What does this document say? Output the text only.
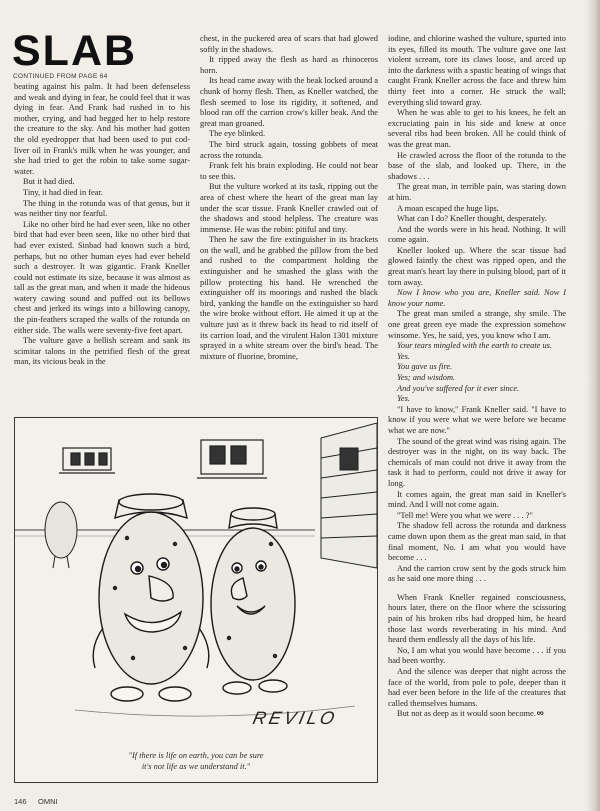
SLAB
CONTINUED FROM PAGE 64

beating against his palm. It had been defenseless and weak and dying in fear, he could feel that it was dying in fear. And Frank had rushed in to his mother, crying, and had begged her to help restore the creature to the sky. And his mother had gotten the old eyedropper that had been used to put cod-liver oil in Frank's milk when he was younger, and she had tried to get the robin to take some sugar-water.

But it had died.

Tiny, it had died in fear.

The thing in the rotunda was of that genus, but it was neither tiny nor fearful.

Like no other bird he had ever seen, like no other bird that had ever been seen, like no other bird that had ever existed. Sinbad had known such a bird, perhaps, but no other human eyes had ever beheld such a destroyer. It was gigantic. Frank Kneller could not estimate its size, because it was almost as tall as the great man, and when it made the hideous watery cawing sound and puffed out its bellows chest and jerked its wings into a billowing canopy, the pin-feathers scraped the walls of the rotunda on either side. The walls were seventy-five feet apart.

The vulture gave a hellish scream and sank its scimitar talons in the petrified flesh of the great man, its vicious beak in the

chest, in the puckered area of scars that had glowed softly in the shadows.

It ripped away the flesh as hard as rhinoceros horn.

Its head came away with the beak locked around a chunk of horny flesh. Then, as Kneller watched, the flesh seemed to lose its rigidity, it softened, and blood ran off the carrion crow's killer beak. And the great man groaned.

The eye blinked.

The bird struck again, tossing gobbets of meat across the rotunda.

Frank felt his brain exploding. He could not bear to see this.

But the vulture worked at its task, ripping out the area of chest where the heart of the great man lay under the scar tissue. Frank Kneller crawled out of the shadows and stood helpless. The creature was immense. He was the robin: pitiful and tiny.

Then he saw the fire extinguisher in its brackets on the wall, and he grabbed the pillow from the bed and rushed to the compartment holding the extinguisher and he smashed the glass with the pillow protecting his hand. He wrenched the extinguisher off its moorings and rushed the black bird, yanking the handle on the extinguisher so hard the wire broke without effort. He aimed it up at the vulture just as it threw back its head to rid itself of its carrion load, and the virulent Halon 1301 mixture sprayed in a white stream over the bird's head. The mixture of fluorine, bromine,

iodine, and chlorine washed the vulture, spurted into its eyes, filled its mouth. The vulture gave one last violent scream, tore its claws loose, and arced up into the darkness with a spastic beating of wings that caught Frank Kneller across the face and threw him thirty feet into a corner. He struck the wall; everything slid toward gray.

When he was able to get to his knees, he felt an excruciating pain in his side and knew at once several ribs had been broken. All he could think of was the great man.

He crawled across the floor of the rotunda to the base of the slab, and looked up. There, in the shadows . . .

The great man, in terrible pain, was staring down at him.

A moan escaped the huge lips.

What can I do? Kneller thought, desperately.

And the words were in his head. Nothing. It will come again.

Kneller looked up. Where the scar tissue had glowed faintly the chest was ripped open, and the great man's heart lay there in pulsing blood, part of it torn away.

Now I know who you are, Kneller said. Now I know your name.

The great man smiled a strange, shy smile. The one great green eye made the expression somehow winsome. Yes, he said, yes, you know who I am.

Your tears mingled with the earth to create us.

Yes.

You gave us fire.

Yes; and wisdom.

And you've suffered for it ever since.

Yes.

"I have to know," Frank Kneller said. "I have to know if you were what we were before we became what we are now."

The sound of the great wind was rising again. The destroyer was in the night, on its way back. The chemicals of man could not drive it away from the task it had to perform, could not drive it away for long.

It comes again, the great man said in Kneller's mind. And I will not come again.

"Tell me! Were you what we were . . . ?"

The shadow fell across the rotunda and darkness came down upon them as the great man said, in that final moment, No. I am what you would have become . . .

And the carrion crow sent by the gods struck him as he said one more thing . . .

When Frank Kneller regained consciousness, hours later, there on the floor where the scissoring pain of his broken ribs had dropped him, he heard those last words reverberating in his mind. And heard them endlessly all the days of his life.

No, I am what you would have become . . . if you had been worthy.

And the silence was deeper that night across the face of the world, from pole to pole, deeper than it had ever been before in the life of the creatures that called themselves humans.

But not as deep as it would soon become. ∞

REVILO
"If there is life on earth, you can be sure
it's not life as we understand it."
146 OMNI
